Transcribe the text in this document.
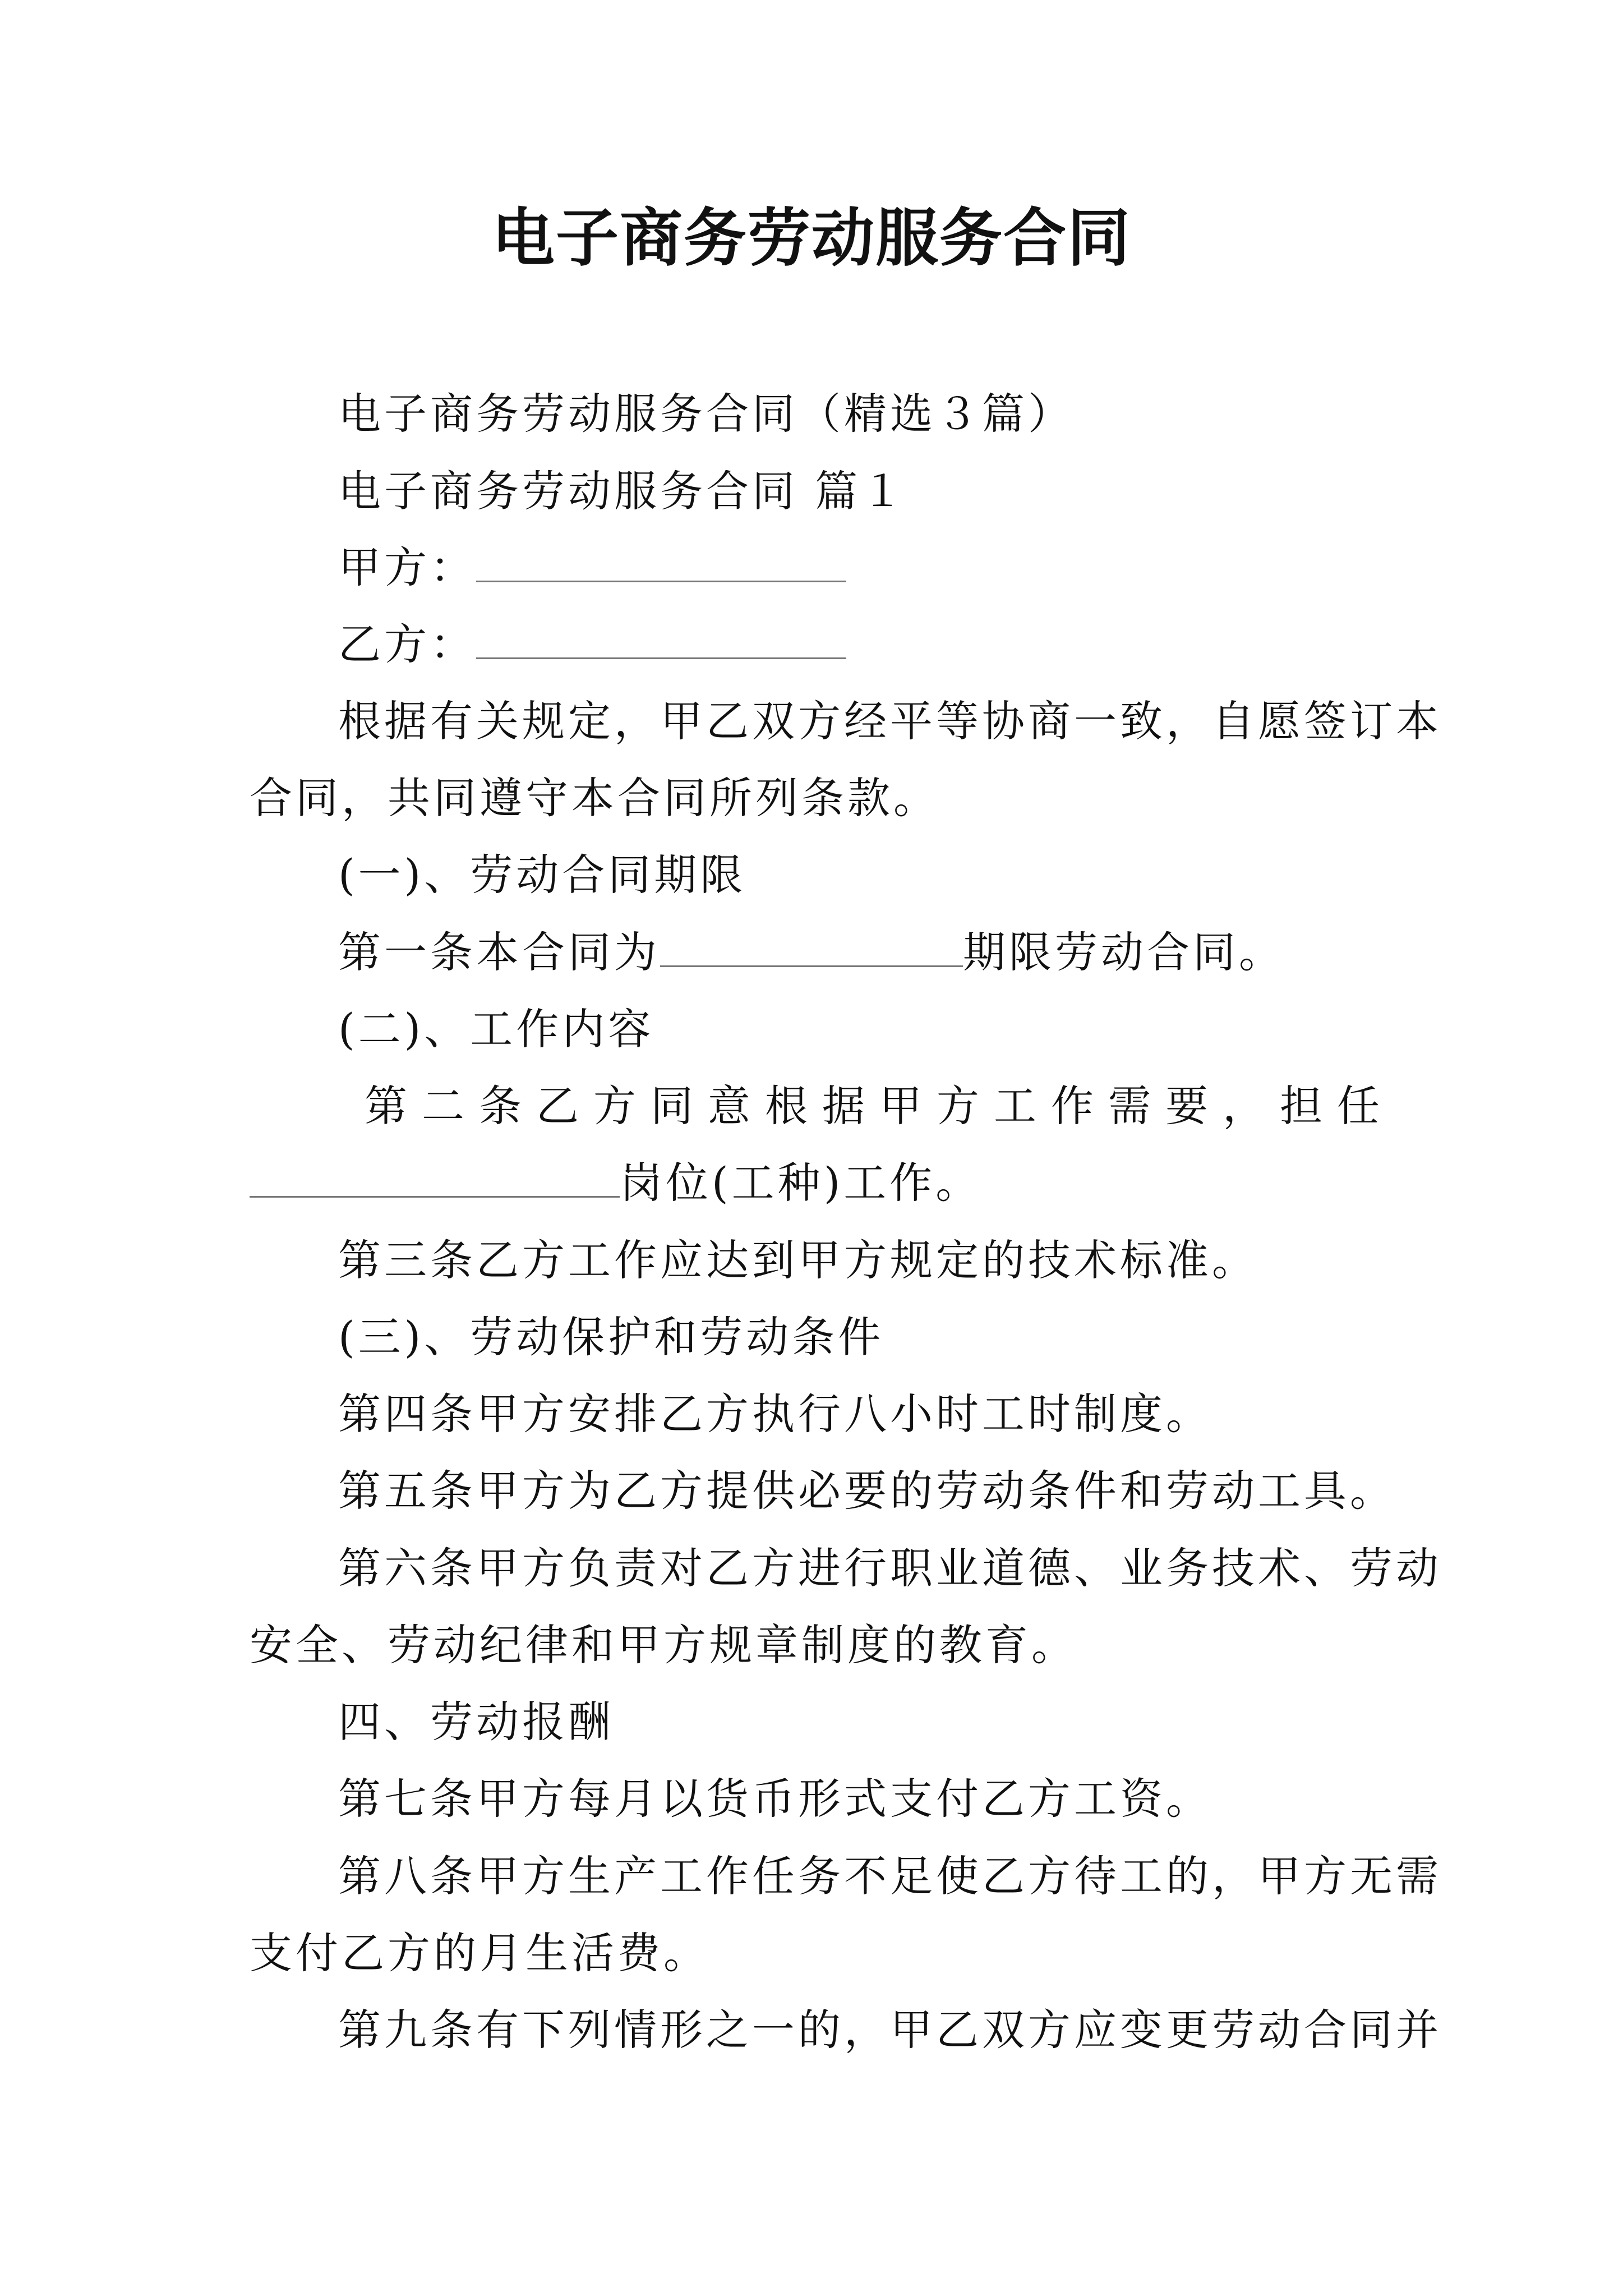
电子商务劳动服务合同
电子商务劳动服务合同（精选３篇）
电子商务劳动服务合同 篇１
甲方：
乙方：
根据有关规定，甲乙双方经平等协商一致，自愿签订本
合同，共同遵守本合同所列条款。
(一)、劳动合同期限
第一条本合同为	期限劳动合同。
(二)、工作内容
第 二 条 乙 方 同 意 根 据 甲 方 工 作 需 要 ， 担 任
岗位(工种)工作。
第三条乙方工作应达到甲方规定的技术标准。
(三)、劳动保护和劳动条件
第四条甲方安排乙方执行八小时工时制度。
第五条甲方为乙方提供必要的劳动条件和劳动工具。
第六条甲方负责对乙方进行职业道德、业务技术、劳动
安全、劳动纪律和甲方规章制度的教育。
四、劳动报酬
第七条甲方每月以货币形式支付乙方工资。
第八条甲方生产工作任务不足使乙方待工的，甲方无需
支付乙方的月生活费。
第九条有下列情形之一的，甲乙双方应变更劳动合同并
